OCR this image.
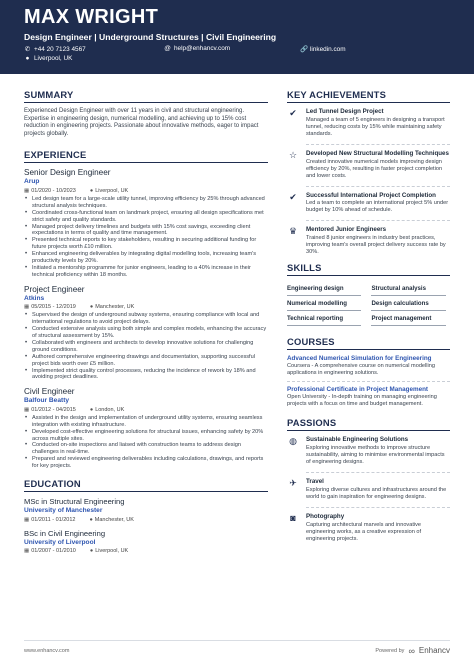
MAX WRIGHT
Design Engineer | Underground Structures | Civil Engineering
✆ +44 20 7123 4567	@ help@enhancv.com	🔗 linkedin.com
● Liverpool, UK
SUMMARY
Experienced Design Engineer with over 11 years in civil and structural engineering. Expertise in engineering design, numerical modelling, and achieving up to 15% cost reduction in engineering projects. Passionate about innovative methods, eager to impact projects globally.
EXPERIENCE
Senior Design Engineer
Arup
▦ 01/2020 - 10/2023	● Liverpool, UK
• Led design team for a large-scale utility tunnel, improving efficiency by 25% through advanced structural analysis techniques.
• Coordinated cross-functional team on landmark project, ensuring all design specifications met strict safety and quality standards.
• Managed project delivery timelines and budgets with 15% cost savings, exceeding client expectations in terms of quality and time management.
• Presented technical reports to key stakeholders, resulting in securing additional funding for future projects worth £10 million.
• Enhanced engineering deliverables by integrating digital modelling tools, increasing team's productivity levels by 20%.
• Initiated a mentorship programme for junior engineers, leading to a 40% increase in their technical proficiency within 18 months.
Project Engineer
Atkins
▦ 05/2015 - 12/2019	● Manchester, UK
• Supervised the design of underground subway systems, ensuring compliance with local and international regulations to avoid project delays.
• Conducted extensive analysis using both simple and complex models, enhancing the accuracy of structural assessment by 15%.
• Collaborated with engineers and architects to develop innovative solutions for challenging ground conditions.
• Authored comprehensive engineering drawings and documentation, supporting successful project bids worth over £5 million.
• Implemented strict quality control processes, reducing the incidence of rework by 18% and avoiding project deadlines.
Civil Engineer
Balfour Beatty
▦ 01/2012 - 04/2015	● London, UK
• Assisted in the design and implementation of underground utility systems, ensuring seamless integration with existing infrastructure.
• Developed cost-effective engineering solutions for structural issues, enhancing safety by 20% across multiple sites.
• Conducted on-site inspections and liaised with construction teams to address design challenges in real-time.
• Prepared and reviewed engineering deliverables including calculations, drawings, and reports for key projects.
EDUCATION
MSc in Structural Engineering
University of Manchester
▦ 01/2011 - 01/2012	● Manchester, UK
BSc in Civil Engineering
University of Liverpool
▦ 01/2007 - 01/2010	● Liverpool, UK
KEY ACHIEVEMENTS
✔	Led Tunnel Design Project
Managed a team of 5 engineers in designing a transport tunnel, reducing costs by 15% while maintaining safety standards.
☆	Developed New Structural Modelling Techniques
Created innovative numerical models improving design efficiency by 20%, resulting in faster project completion and lower costs.
✔	Successful International Project Completion
Led a team to complete an international project 5% under budget by 10% ahead of schedule.
♛	Mentored Junior Engineers
Trained 8 junior engineers in industry best practices, improving team's overall project delivery success rate by 30%.
SKILLS
Engineering design	Structural analysis
Numerical modelling	Design calculations
Technical reporting	Project management
COURSES
Advanced Numerical Simulation for Engineering
Coursera - A comprehensive course on numerical modelling applications in engineering solutions.
Professional Certificate in Project Management
Open University - In-depth training on managing engineering projects with a focus on time and budget management.
PASSIONS
◍	Sustainable Engineering Solutions
Exploring innovative methods to improve structure sustainability, aiming to minimise environmental impacts of engineering designs.
✈	Travel
Exploring diverse cultures and infrastructures around the world to gain inspiration for engineering designs.
◙	Photography
Capturing architectural marvels and innovative engineering works, as a creative expression of engineering projects.
www.enhancv.com	Powered by ∞ Enhancv
